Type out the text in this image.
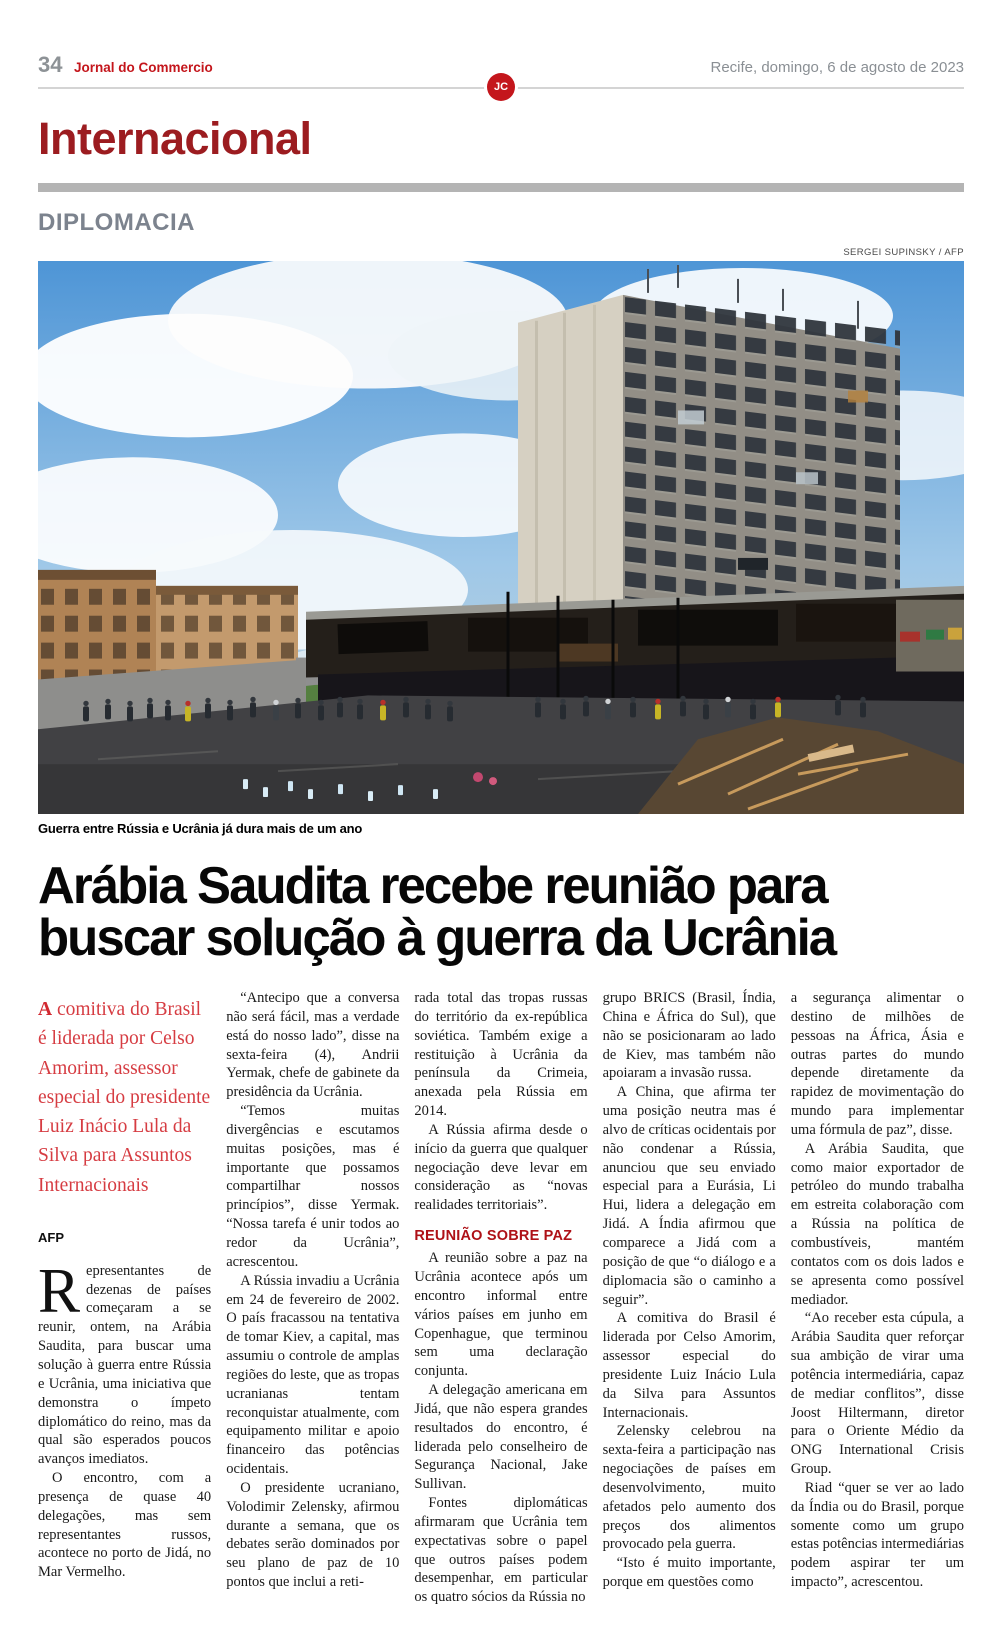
34 Jornal do Commercio	Recife, domingo, 6 de agosto de 2023
JC
Internacional
DIPLOMACIA
SERGEI SUPINSKY / AFP
Guerra entre Rússia e Ucrânia já dura mais de um ano
Arábia Saudita recebe reunião para
buscar solução à guerra da Ucrânia

A comitiva do Brasil é liderada por Celso Amorim, assessor especial do presidente Luiz Inácio Lula da Silva para Assuntos Internacionais

AFP

Representantes de dezenas de países começaram a se reunir, ontem, na Arábia Saudita, para buscar uma solução à guerra entre Rússia e Ucrânia, uma iniciativa que demonstra o ímpeto diplomático do reino, mas da qual são esperados poucos avanços imediatos.

O encontro, com a presença de quase 40 delegações, mas sem representantes russos, acontece no porto de Jidá, no Mar Vermelho.

“Antecipo que a conversa não será fácil, mas a verdade está do nosso lado”, disse na sexta-feira (4), Andrii Yermak, chefe de gabinete da presidência da Ucrânia.

“Temos muitas divergências e escutamos muitas posições, mas é importante que possamos compartilhar nossos princípios”, disse Yermak. “Nossa tarefa é unir todos ao redor da Ucrânia”, acrescentou.

A Rússia invadiu a Ucrânia em 24 de fevereiro de 2002. O país fracassou na tentativa de tomar Kiev, a capital, mas assumiu o controle de amplas regiões do leste, que as tropas ucranianas tentam reconquistar atualmente, com equipamento militar e apoio financeiro das potências ocidentais.

O presidente ucraniano, Volodimir Zelensky, afirmou durante a semana, que os debates serão dominados por seu plano de paz de 10 pontos que inclui a reti-

rada total das tropas russas do território da ex-república soviética. Também exige a restituição à Ucrânia da península da Crimeia, anexada pela Rússia em 2014.

A Rússia afirma desde o início da guerra que qualquer negociação deve levar em consideração as “novas realidades territoriais”.

REUNIÃO SOBRE PAZ

A reunião sobre a paz na Ucrânia acontece após um encontro informal entre vários países em junho em Copenhague, que terminou sem uma declaração conjunta.

A delegação americana em Jidá, que não espera grandes resultados do encontro, é liderada pelo conselheiro de Segurança Nacional, Jake Sullivan.

Fontes diplomáticas afirmaram que Ucrânia tem expectativas sobre o papel que outros países podem desempenhar, em particular os quatro sócios da Rússia no

grupo BRICS (Brasil, Índia, China e África do Sul), que não se posicionaram ao lado de Kiev, mas também não apoiaram a invasão russa.

A China, que afirma ter uma posição neutra mas é alvo de críticas ocidentais por não condenar a Rússia, anunciou que seu enviado especial para a Eurásia, Li Hui, lidera a delegação em Jidá. A Índia afirmou que comparece a Jidá com a posição de que “o diálogo e a diplomacia são o caminho a seguir”.

A comitiva do Brasil é liderada por Celso Amorim, assessor especial do presidente Luiz Inácio Lula da Silva para Assuntos Internacionais.

Zelensky celebrou na sexta-feira a participação nas negociações de países em desenvolvimento, muito afetados pelo aumento dos preços dos alimentos provocado pela guerra.

“Isto é muito importante, porque em questões como

a segurança alimentar o destino de milhões de pessoas na África, Ásia e outras partes do mundo depende diretamente da rapidez de movimentação do mundo para implementar uma fórmula de paz”, disse.

A Arábia Saudita, que como maior exportador de petróleo do mundo trabalha em estreita colaboração com a Rússia na política de combustíveis, mantém contatos com os dois lados e se apresenta como possível mediador.

“Ao receber esta cúpula, a Arábia Saudita quer reforçar sua ambição de virar uma potência intermediária, capaz de mediar conflitos”, disse Joost Hiltermann, diretor para o Oriente Médio da ONG International Crisis Group.

Riad “quer se ver ao lado da Índia ou do Brasil, porque somente como um grupo estas potências intermediárias podem aspirar ter um impacto”, acrescentou.
